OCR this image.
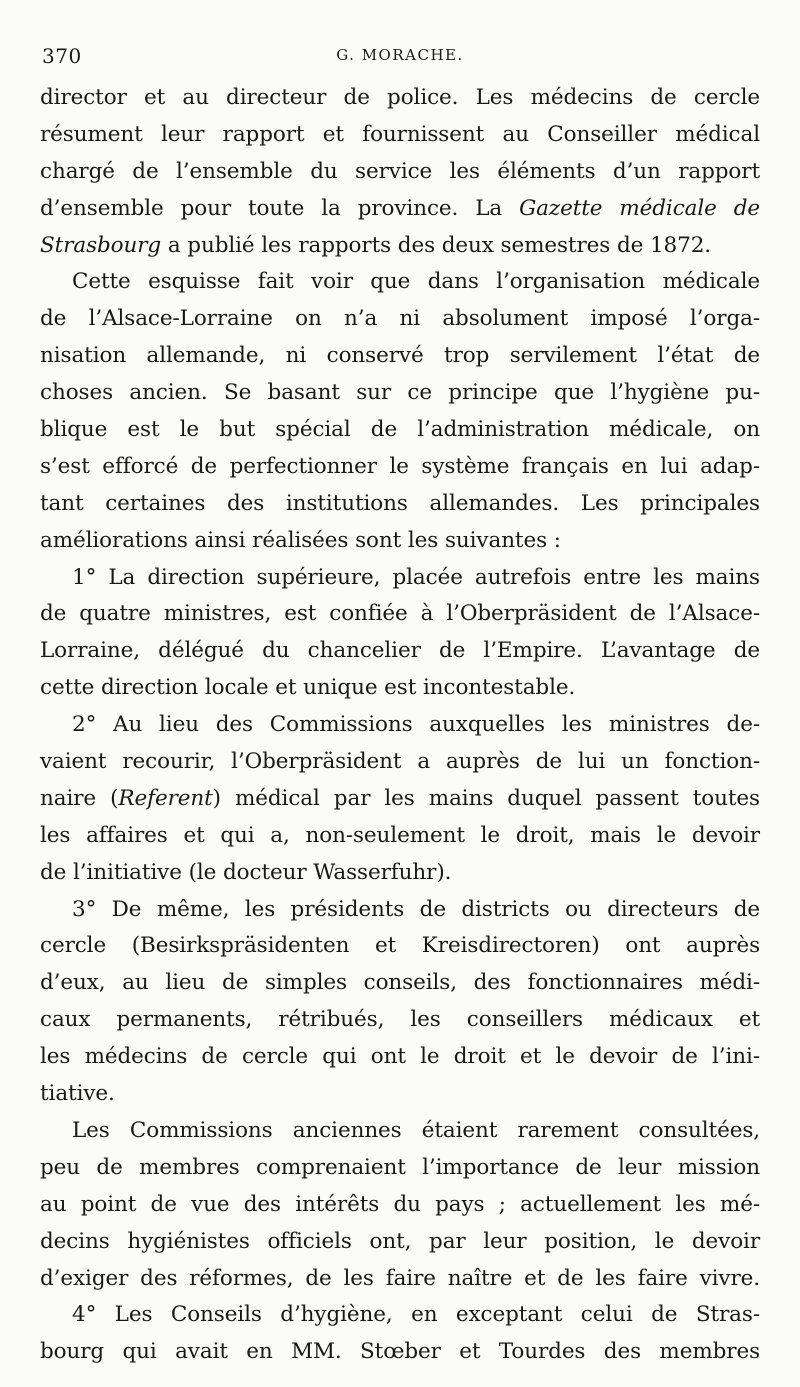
370	G. MORACHE.
director et au directeur de police. Les médecins de cercle
résument leur rapport et fournissent au Conseiller médical
chargé de l’ensemble du service les éléments d’un rapport
d’ensemble pour toute la province. La Gazette médicale de
Strasbourg a publié les rapports des deux semestres de 1872.
Cette esquisse fait voir que dans l’organisation médicale
de l’Alsace-Lorraine on n’a ni absolument imposé l’orga-
nisation allemande, ni conservé trop servilement l’état de
choses ancien. Se basant sur ce principe que l’hygiène pu-
blique est le but spécial de l’administration médicale, on
s’est efforcé de perfectionner le système français en lui adap-
tant certaines des institutions allemandes. Les principales
améliorations ainsi réalisées sont les suivantes :
1° La direction supérieure, placée autrefois entre les mains
de quatre ministres, est confiée à l’Oberpräsident de l’Alsace-
Lorraine, délégué du chancelier de l’Empire. L’avantage de
cette direction locale et unique est incontestable.
2° Au lieu des Commissions auxquelles les ministres de-
vaient recourir, l’Oberpräsident a auprès de lui un fonction-
naire (Referent) médical par les mains duquel passent toutes
les affaires et qui a, non-seulement le droit, mais le devoir
de l’initiative (le docteur Wasserfuhr).
3° De même, les présidents de districts ou directeurs de
cercle (Besirkspräsidenten et Kreisdirectoren) ont auprès
d’eux, au lieu de simples conseils, des fonctionnaires médi-
caux permanents, rétribués, les conseillers médicaux et
les médecins de cercle qui ont le droit et le devoir de l’ini-
tiative.
Les Commissions anciennes étaient rarement consultées,
peu de membres comprenaient l’importance de leur mission
au point de vue des intérêts du pays ; actuellement les mé-
decins hygiénistes officiels ont, par leur position, le devoir
d’exiger des réformes, de les faire naître et de les faire vivre.
4° Les Conseils d’hygiène, en exceptant celui de Stras-
bourg qui avait en MM. Stœber et Tourdes des membres
